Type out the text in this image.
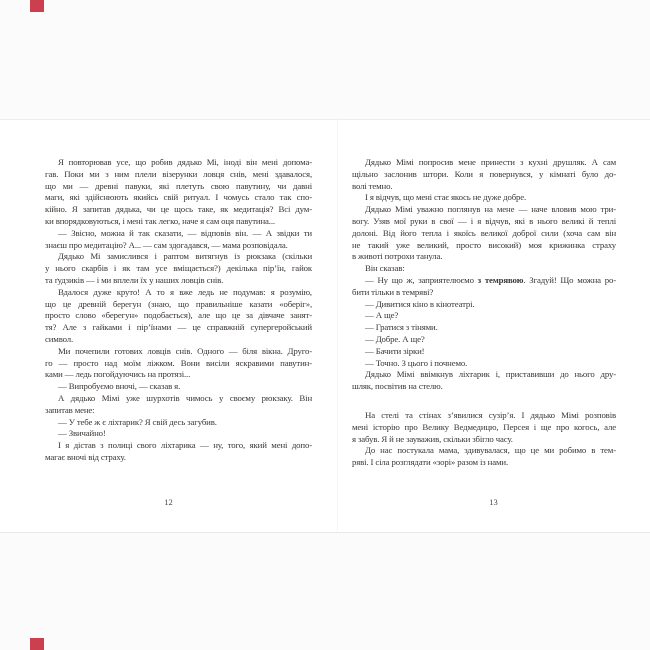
Я повторював усе, що робив дядько Мі, іноді він мені допома-
гав. Поки ми з ним плели візерунки ловця снів, мені здавалося,
що ми — древні павуки, які плетуть свою павутину, чи давні
маги, які здійснюють якийсь свій ритуал. І чомусь стало так спо-
кійно. Я запитав дядька, чи це щось таке, як медитація? Всі дум-
ки впорядковуються, і мені так легко, наче я сам оця павутина...
— Звісно, можна й так сказати, — відповів він. — А звідки ти
знаєш про медитацію? А... — сам здогадався, — мама розповідала.
Дядько Мі замислився і раптом витягнув із рюкзака (скільки
у нього скарбів і як там усе вміщається?) декілька пір’їн, гайок
та ґудзиків — і ми вплели їх у наших ловців снів.
Вдалося дуже круто! А то я вже ледь не подумав: я розумію,
що це древній берегун (знаю, що правильніше казати «оберіг»,
просто слово «берегун» подобається), але що це за дівчаче занят-
тя? Але з гайками і пір’їнами — це справжній супергеройський
символ.
Ми почепили готових ловців снів. Одного — біля вікна. Друго-
го — просто над моїм ліжком. Вони висіли яскравими павутин-
ками — ледь погойдуючись на протязі...
— Випробуємо вночі, — сказав я.
А дядько Мімі уже шурхотів чимось у своєму рюкзаку. Він
запитав мене:
— У тебе ж є ліхтарик? Я свій десь загубив.
— Звичайно!
І я дістав з полиці свого ліхтарика — ну, того, який мені допо-
магає вночі від страху.
Дядько Мімі попросив мене принести з кухні друшляк. А сам
щільно заслонив штори. Коли я повернувся, у кімнаті було до-
волі темно.
І я відчув, що мені стає якось не дуже добре.
Дядько Мімі уважно поглянув на мене — наче вловив мою три-
вогу. Узяв мої руки в свої — і я відчув, які в нього великі й теплі
долоні. Від його тепла і якоїсь великої доброї сили (хоча сам він
не такий уже великий, просто високий) моя крижинка страху
в животі потрохи танула.
Він сказав:
— Ну що ж, заприятелюємо з темрявою. Згадуй! Що можна ро-
бити тільки в темряві?
— Дивитися кіно в кінотеатрі.
— А ще?
— Гратися з тінями.
— Добре. А ще?
— Бачити зірки!
— Точно. З цього і почнемо.
Дядько Мімі ввімкнув ліхтарик і, приставивши до нього дру-
шляк, посвітив на стелю.
На стелі та стінах з’явилися сузір’я. І дядько Мімі розповів
мені історію про Велику Ведмедицю, Персея і ще про когось, але
я забув. Я й не зауважив, скільки збігло часу.
До нас постукала мама, здивувалася, що це ми робимо в тем-
ряві. І сіла розглядати «зорі» разом із нами.
12	13
